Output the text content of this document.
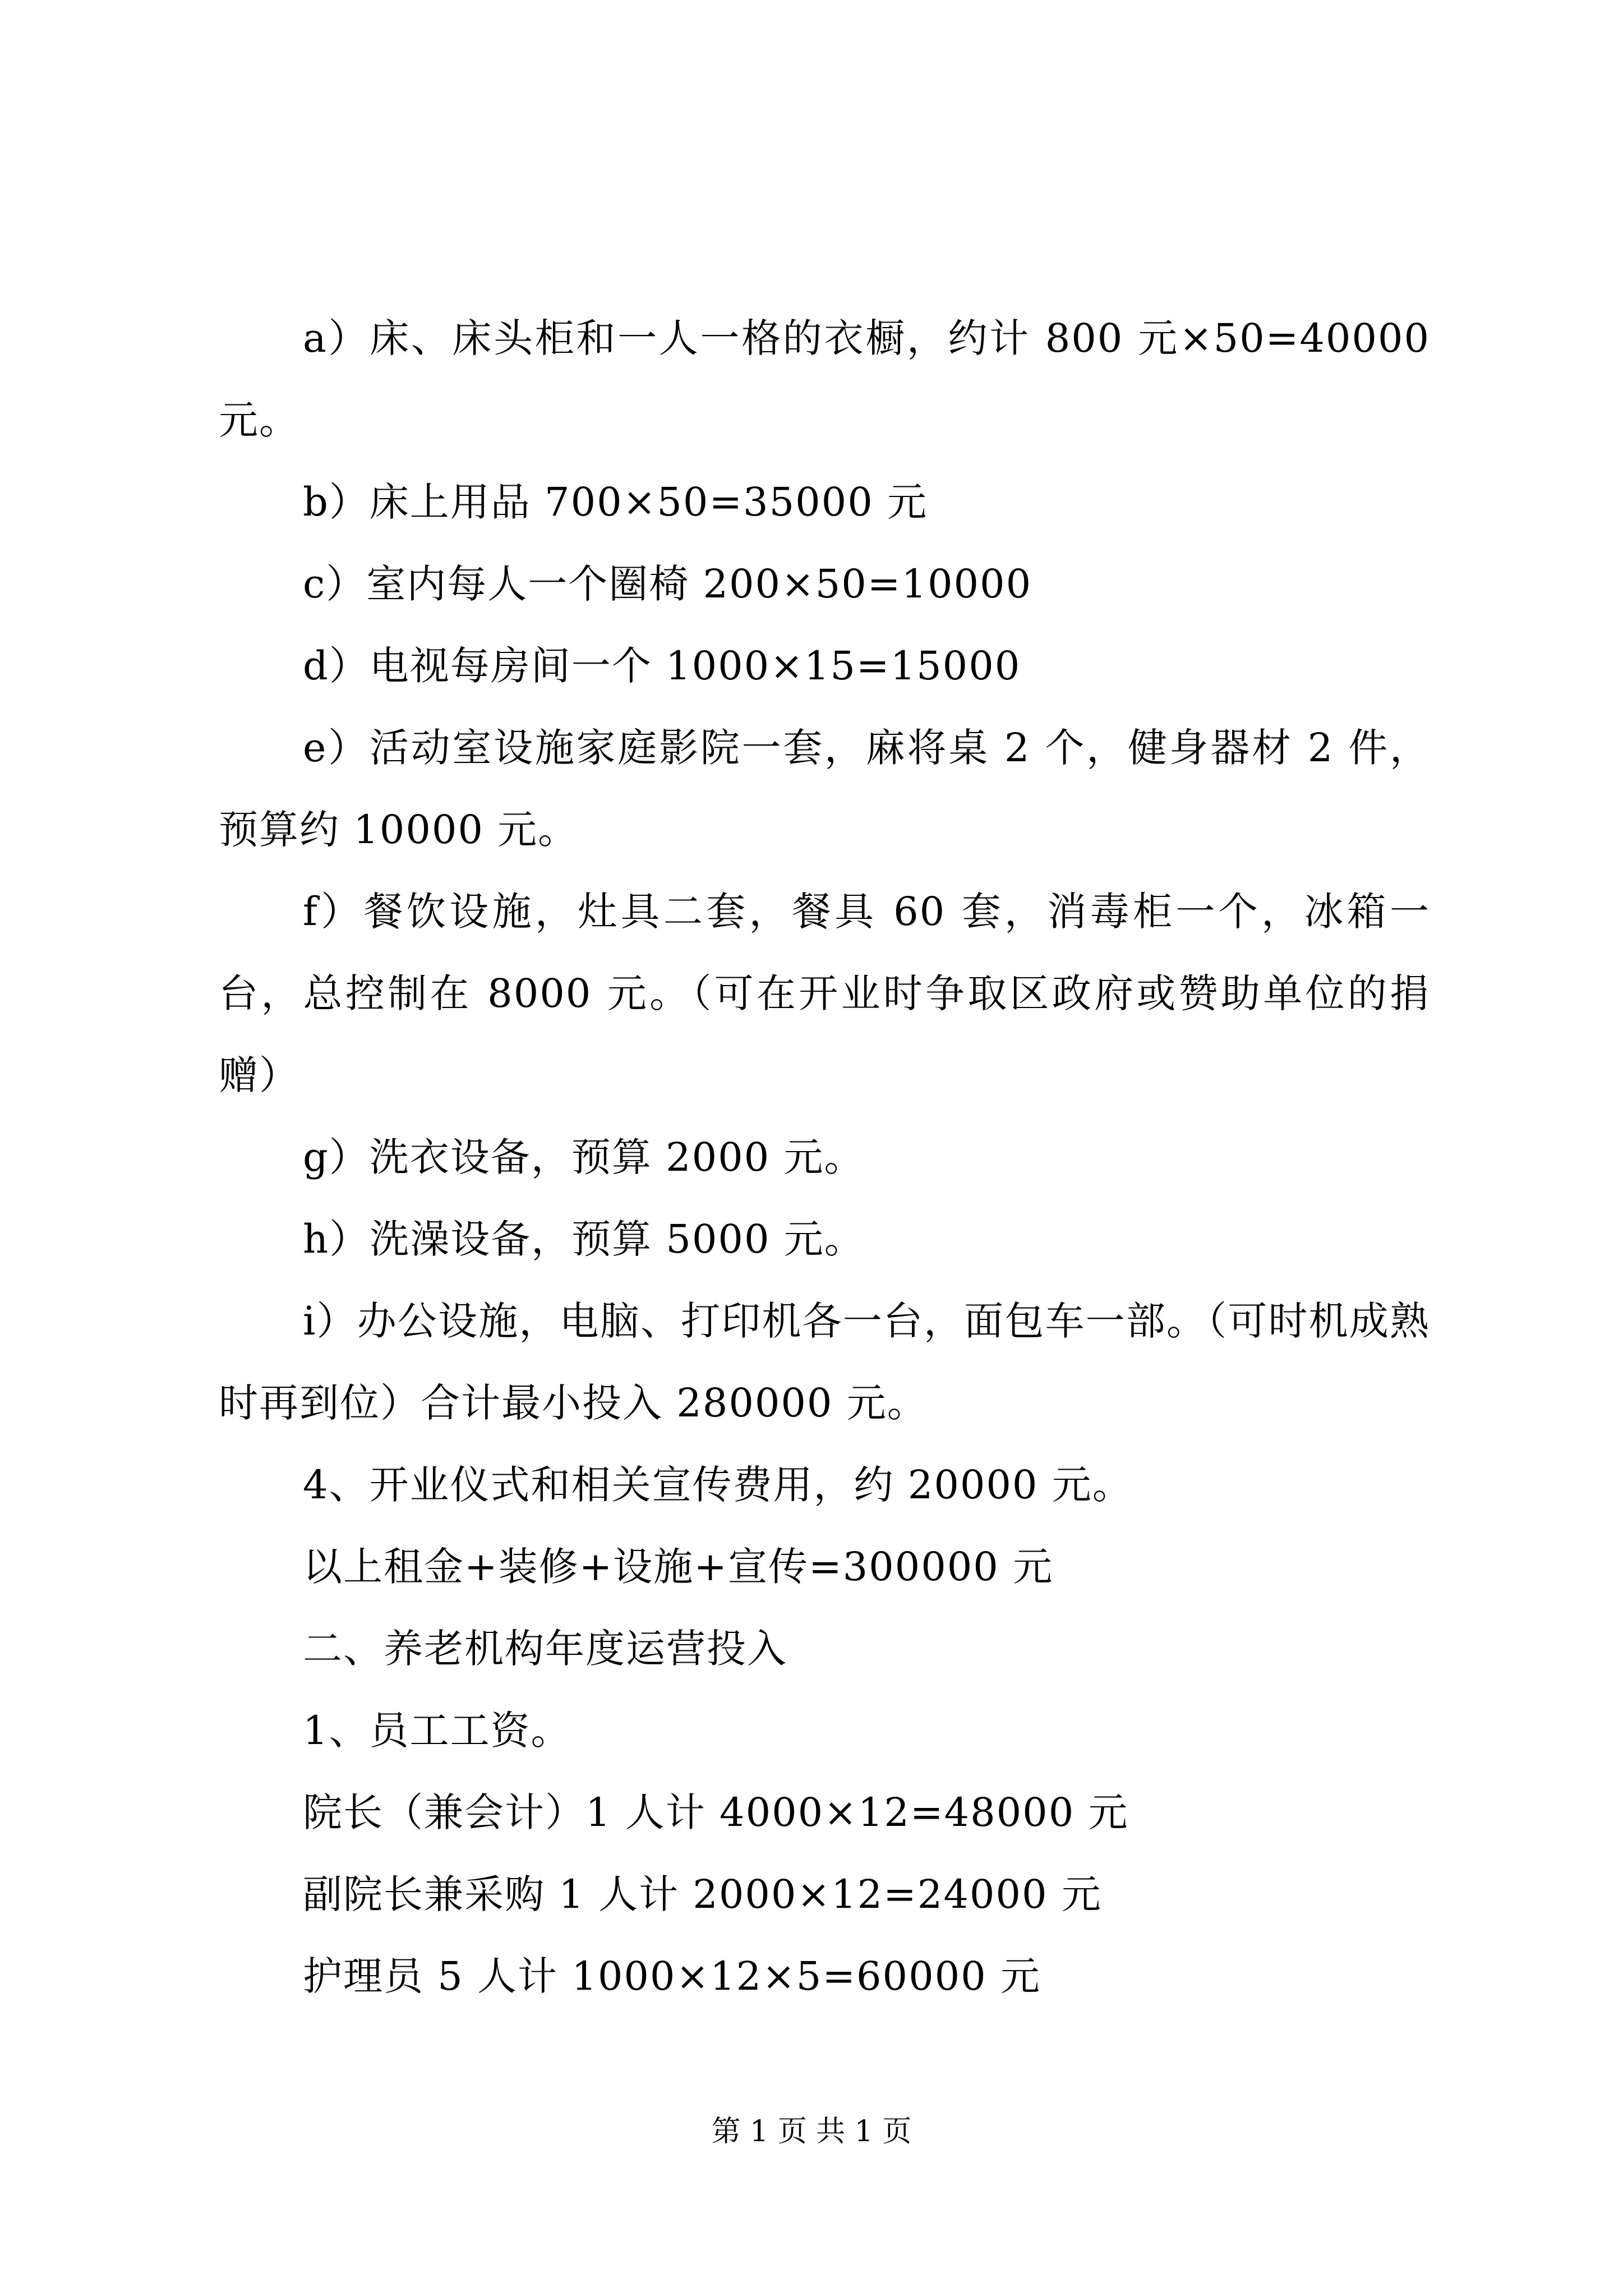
a）床、床头柜和一人一格的衣橱，约计 800 元×50=40000 元。

b）床上用品 700×50=35000 元

c）室内每人一个圈椅 200×50=10000

d）电视每房间一个 1000×15=15000

e）活动室设施家庭影院一套，麻将桌 2 个，健身器材 2 件，预算约 10000 元。

f）餐饮设施，灶具二套，餐具 60 套，消毒柜一个，冰箱一台，总控制在 8000 元。（可在开业时争取区政府或赞助单位的捐赠）

g）洗衣设备，预算 2000 元。

h）洗澡设备，预算 5000 元。

i）办公设施，电脑、打印机各一台，面包车一部。（可时机成熟时再到位）合计最小投入 280000 元。

4、开业仪式和相关宣传费用，约 20000 元。

以上租金+装修+设施+宣传=300000 元

二、养老机构年度运营投入

1、员工工资。

院长（兼会计）1 人计 4000×12=48000 元

副院长兼采购 1 人计 2000×12=24000 元

护理员 5 人计 1000×12×5=60000 元

第 1 页 共 1 页
